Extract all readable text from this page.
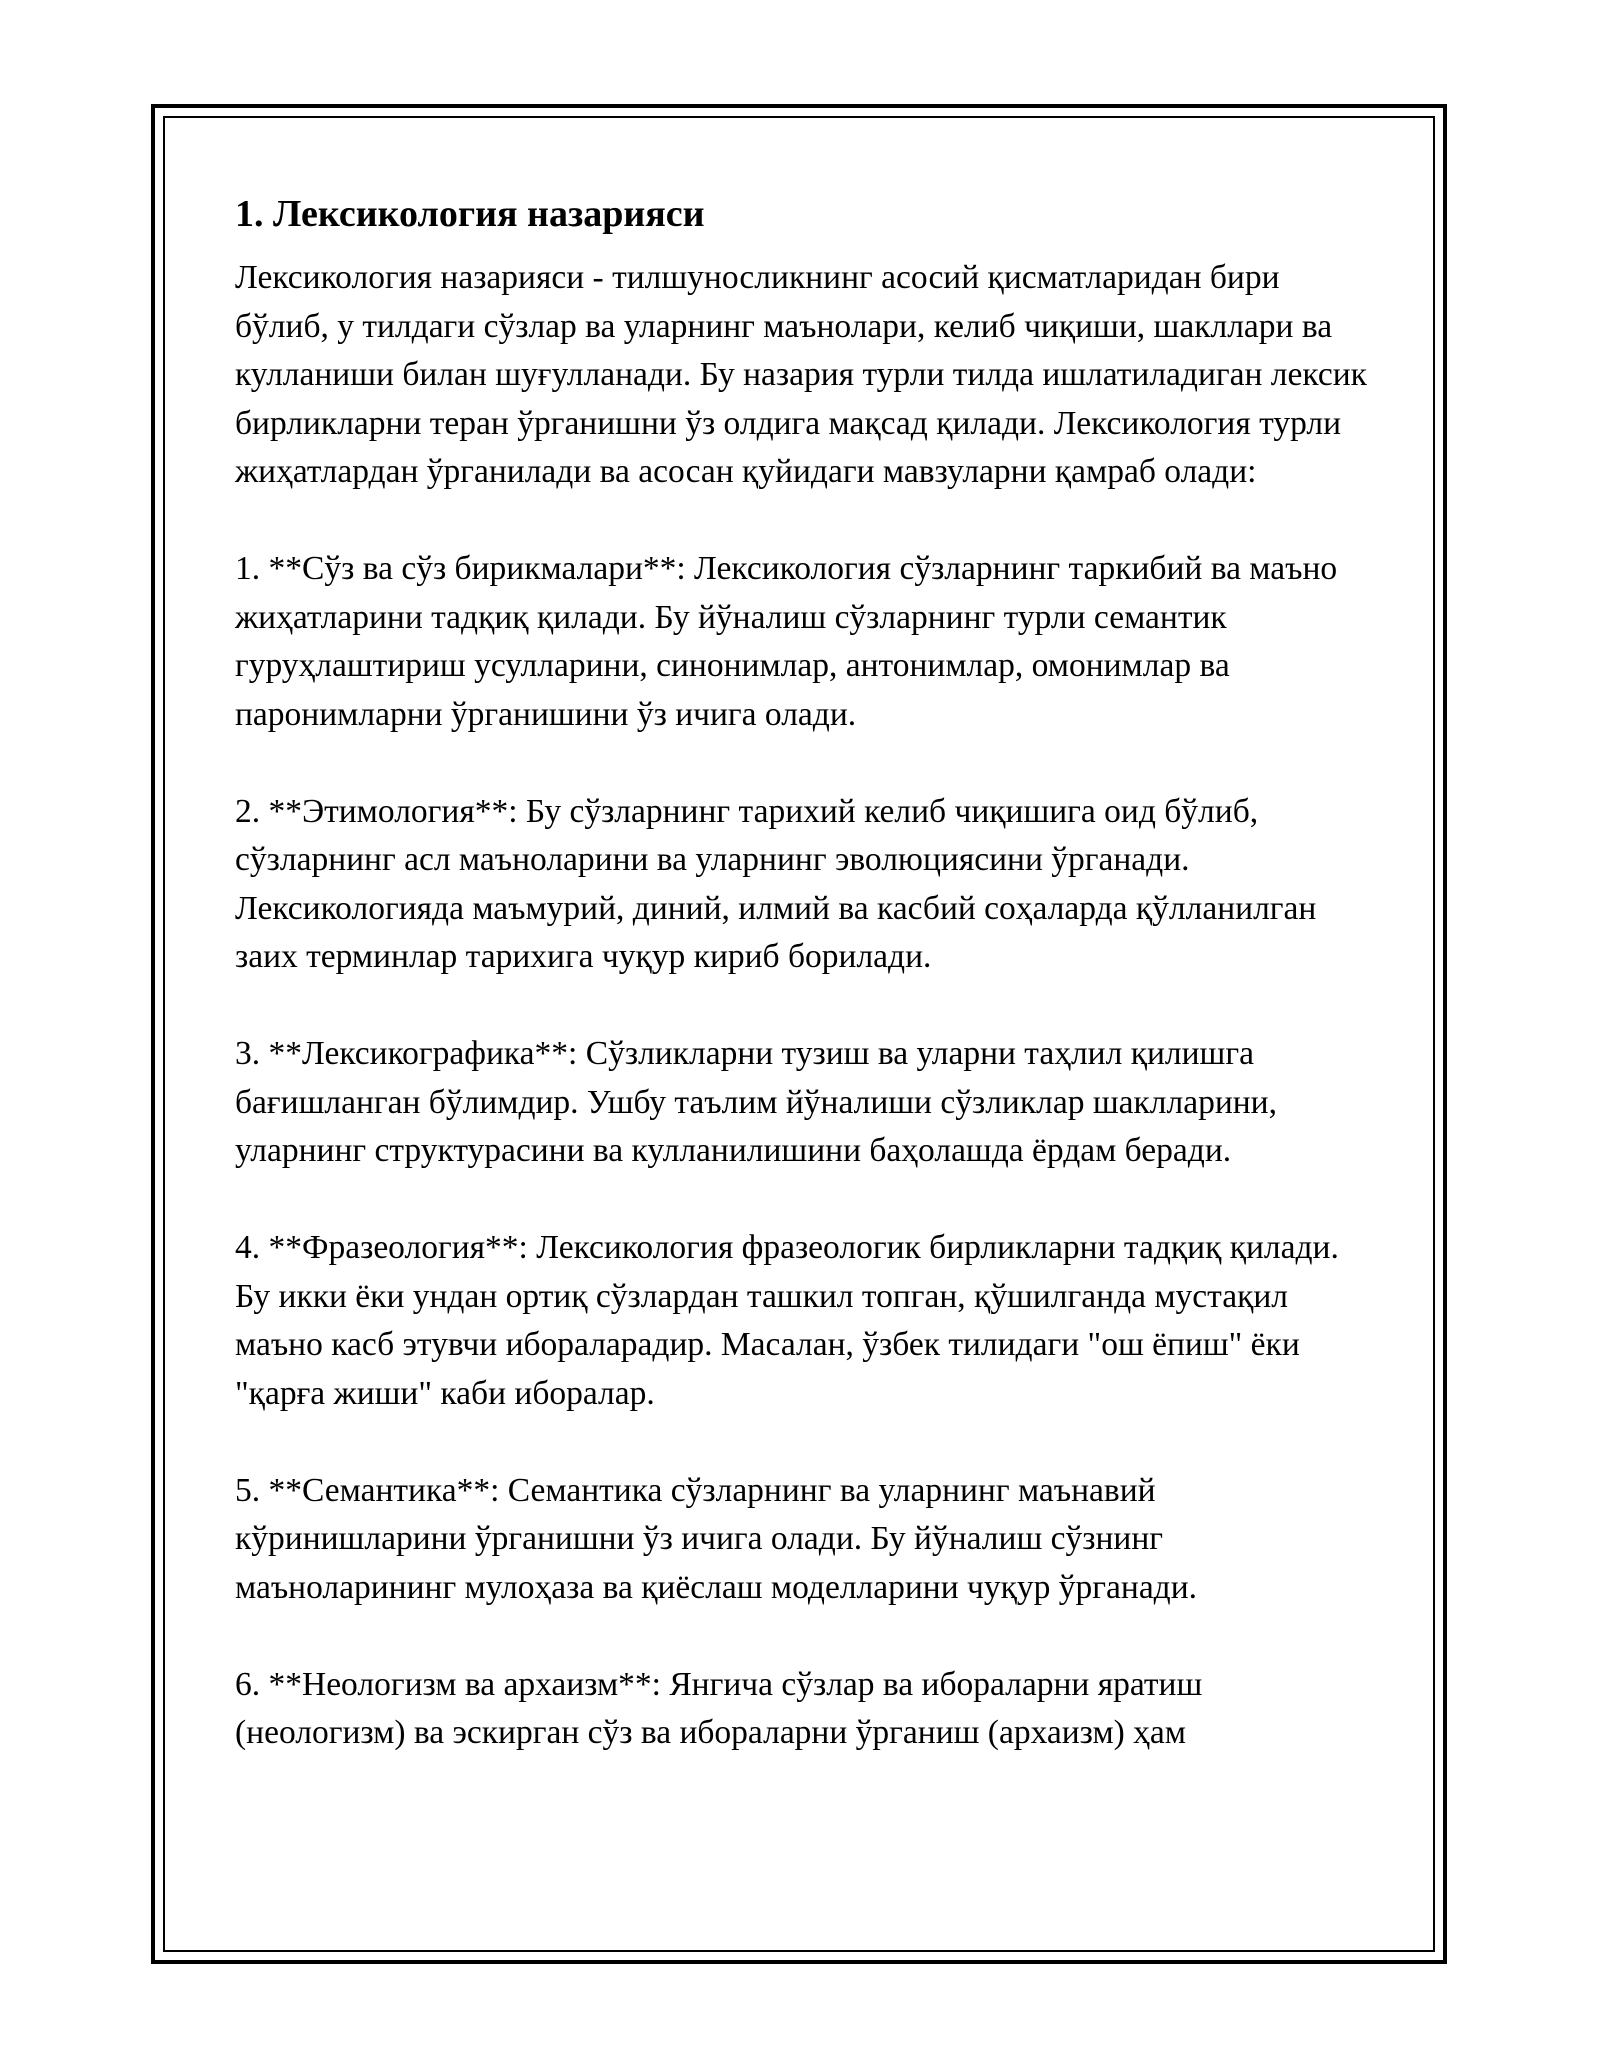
1. Лексикология назарияси

Лексикология назарияси - тилшуносликнинг асосий қисматларидан бири бўлиб, у тилдаги сўзлар ва уларнинг маънолари, келиб чиқиши, шакллари ва кулланиши билан шуғулланади. Бу назария турли тилда ишлатиладиган лексик бирликларни теран ўрганишни ўз олдига мақсад қилади. Лексикология турли жиҳатлардан ўрганилади ва асосан қуйидаги мавзуларни қамраб олади:

1. **Сўз ва сўз бирикмалари**: Лексикология сўзларнинг таркибий ва маъно жиҳатларини тадқиқ қилади. Бу йўналиш сўзларнинг турли семантик гуруҳлаштириш усулларини, синонимлар, антонимлар, омонимлар ва паронимларни ўрганишини ўз ичига олади.

2. **Этимология**: Бу сўзларнинг тарихий келиб чиқишига оид бўлиб, сўзларнинг асл маъноларини ва уларнинг эволюциясини ўрганади. Лексикологияда маъмурий, диний, илмий ва касбий соҳаларда қўлланилган заих терминлар тарихига чуқур кириб борилади.

3. **Лексикографика**: Сўзликларни тузиш ва уларни таҳлил қилишга бағишланган бўлимдир. Ушбу таълим йўналиши сўзликлар шаклларини, уларнинг структурасини ва кулланилишини баҳолашда ёрдам беради.

4. **Фразеология**: Лексикология фразеологик бирликларни тадқиқ қилади. Бу икки ёки ундан ортиқ сўзлардан ташкил топган, қўшилганда мустақил маъно касб этувчи ибораларадир. Масалан, ўзбек тилидаги "ош ёпиш" ёки "қарға жиши" каби иборалар.

5. **Семантика**: Семантика сўзларнинг ва уларнинг маънавий кўринишларини ўрганишни ўз ичига олади. Бу йўналиш сўзнинг маъноларининг мулоҳаза ва қиёслаш моделларини чуқур ўрганади.

6. **Неологизм ва архаизм**: Янгича сўзлар ва ибораларни яратиш (неологизм) ва эскирган сўз ва ибораларни ўрганиш (архаизм) ҳам
